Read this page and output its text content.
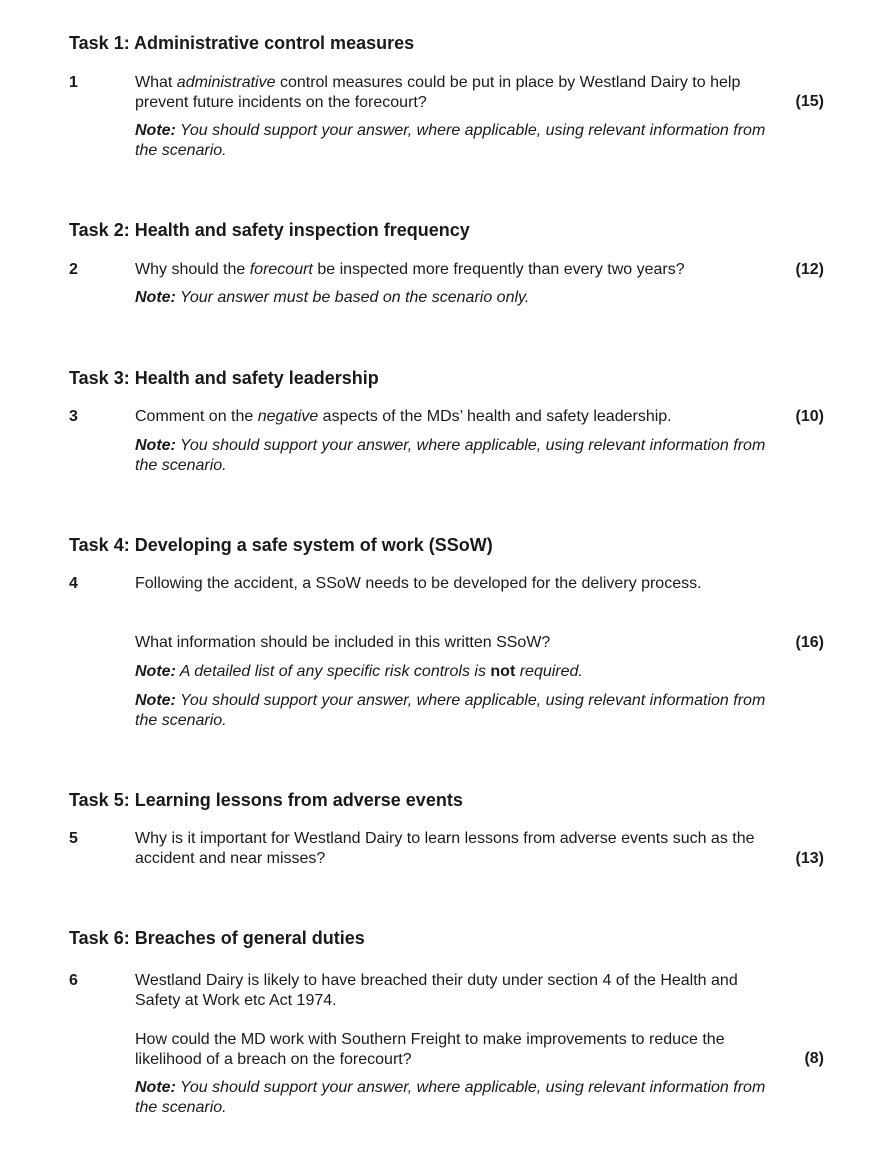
Task 1: Administrative control measures
1	What administrative control measures could be put in place by Westland Dairy to help prevent future incidents on the forecourt?	(15)
Note: You should support your answer, where applicable, using relevant information from the scenario.
Task 2: Health and safety inspection frequency
2	Why should the forecourt be inspected more frequently than every two years?	(12)
Note: Your answer must be based on the scenario only.
Task 3: Health and safety leadership
3	Comment on the negative aspects of the MDs’ health and safety leadership.	(10)
Note: You should support your answer, where applicable, using relevant information from the scenario.
Task 4: Developing a safe system of work (SSoW)
4	Following the accident, a SSoW needs to be developed for the delivery process.
What information should be included in this written SSoW?	(16)
Note: A detailed list of any specific risk controls is not required.
Note: You should support your answer, where applicable, using relevant information from the scenario.
Task 5: Learning lessons from adverse events
5	Why is it important for Westland Dairy to learn lessons from adverse events such as the accident and near misses?	(13)
Task 6: Breaches of general duties
6	Westland Dairy is likely to have breached their duty under section 4 of the Health and Safety at Work etc Act 1974.
How could the MD work with Southern Freight to make improvements to reduce the likelihood of a breach on the forecourt?	(8)
Note: You should support your answer, where applicable, using relevant information from the scenario.
